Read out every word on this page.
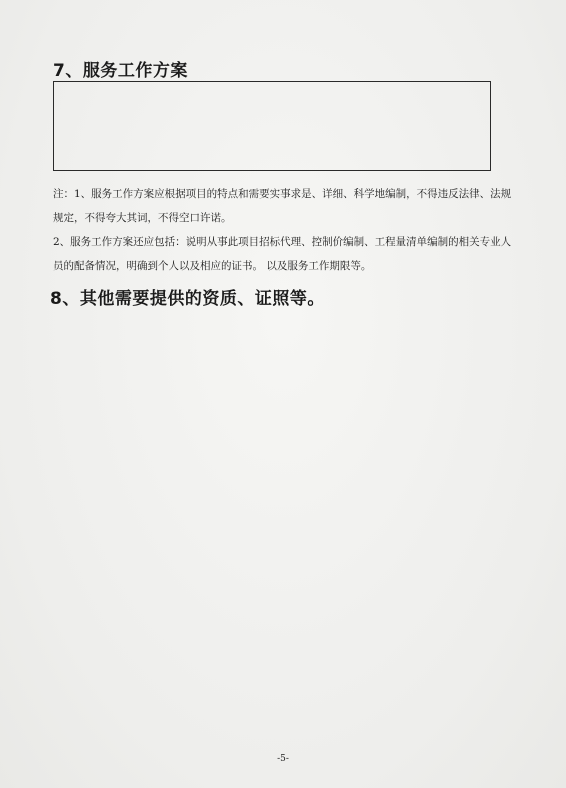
7、服务工作方案
注：1、服务工作方案应根据项目的特点和需要实事求是、详细、科学地编制，不得违反法律、法规规定，不得夸大其词，不得空口许诺。
2、服务工作方案还应包括：说明从事此项目招标代理、控制价编制、工程量清单编制的相关专业人员的配备情况，明确到个人以及相应的证书。 以及服务工作期限等。
8、其他需要提供的资质、证照等。
-5-
